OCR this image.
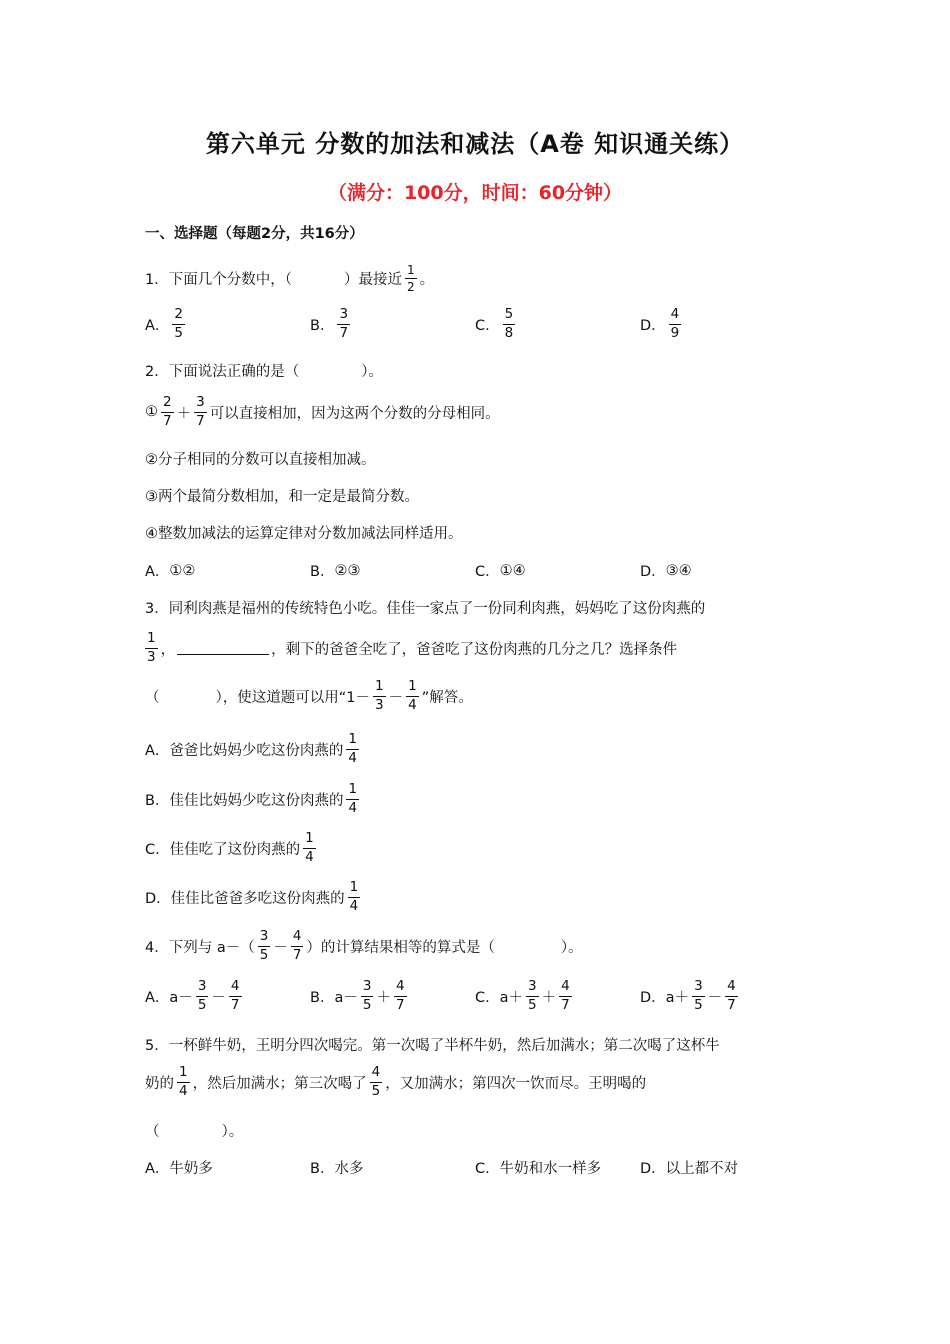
第六单元 分数的加法和减法（A卷 知识通关练）
（满分：100分，时间：60分钟）
一、选择题（每题2分，共16分）
1． 下面几个分数中，（	）最接近 $\frac{1}{2}$ 。
A． $\frac{2}{5}$	B． $\frac{3}{7}$	C． $\frac{5}{8}$	D． $\frac{4}{9}$
2． 下面说法正确的是（	）。
① $\frac{2}{7} + \frac{3}{7}$ 可以直接相加，因为这两个分数的分母相同。
②分子相同的分数可以直接相加减。
③两个最简分数相加，和一定是最简分数。
④整数加减法的运算定律对分数加减法同样适用。
A． ①②	B． ②③	C． ①④	D． ③④
3． 同利肉燕是福州的传统特色小吃。佳佳一家点了一份同利肉燕，妈妈吃了这份肉燕的
$\frac{1}{3}$ ，	，剩下的爸爸全吃了，爸爸吃了这份肉燕的几分之几？选择条件
（	），使这道题可以用“$1- \frac{1}{3} - \frac{1}{4}$ ”解答。
A． 爸爸比妈妈少吃这份肉燕的 $\frac{1}{4}$
B． 佳佳比妈妈少吃这份肉燕的 $\frac{1}{4}$
C． 佳佳吃了这份肉燕的 $\frac{1}{4}$
D． 佳佳比爸爸多吃这份肉燕的 $\frac{1}{4}$
4． 下列与 $a-( \frac{3}{5} - \frac{4}{7}$ ）的计算结果相等的算式是（	）。
A． $a- \frac{3}{5} - \frac{4}{7}$	B． $a- \frac{3}{5} + \frac{4}{7}$	C． $a+ \frac{3}{5} + \frac{4}{7}$	D． $a+ \frac{3}{5} - \frac{4}{7}$
5． 一杯鲜牛奶，王明分四次喝完。第一次喝了半杯牛奶，然后加满水；第二次喝了这杯牛
奶的 $\frac{1}{4}$ ，然后加满水；第三次喝了 $\frac{4}{5}$ ，又加满水；第四次一饮而尽。王明喝的
（	）。
A． 牛奶多	B． 水多	C． 牛奶和水一样多	D． 以上都不对
